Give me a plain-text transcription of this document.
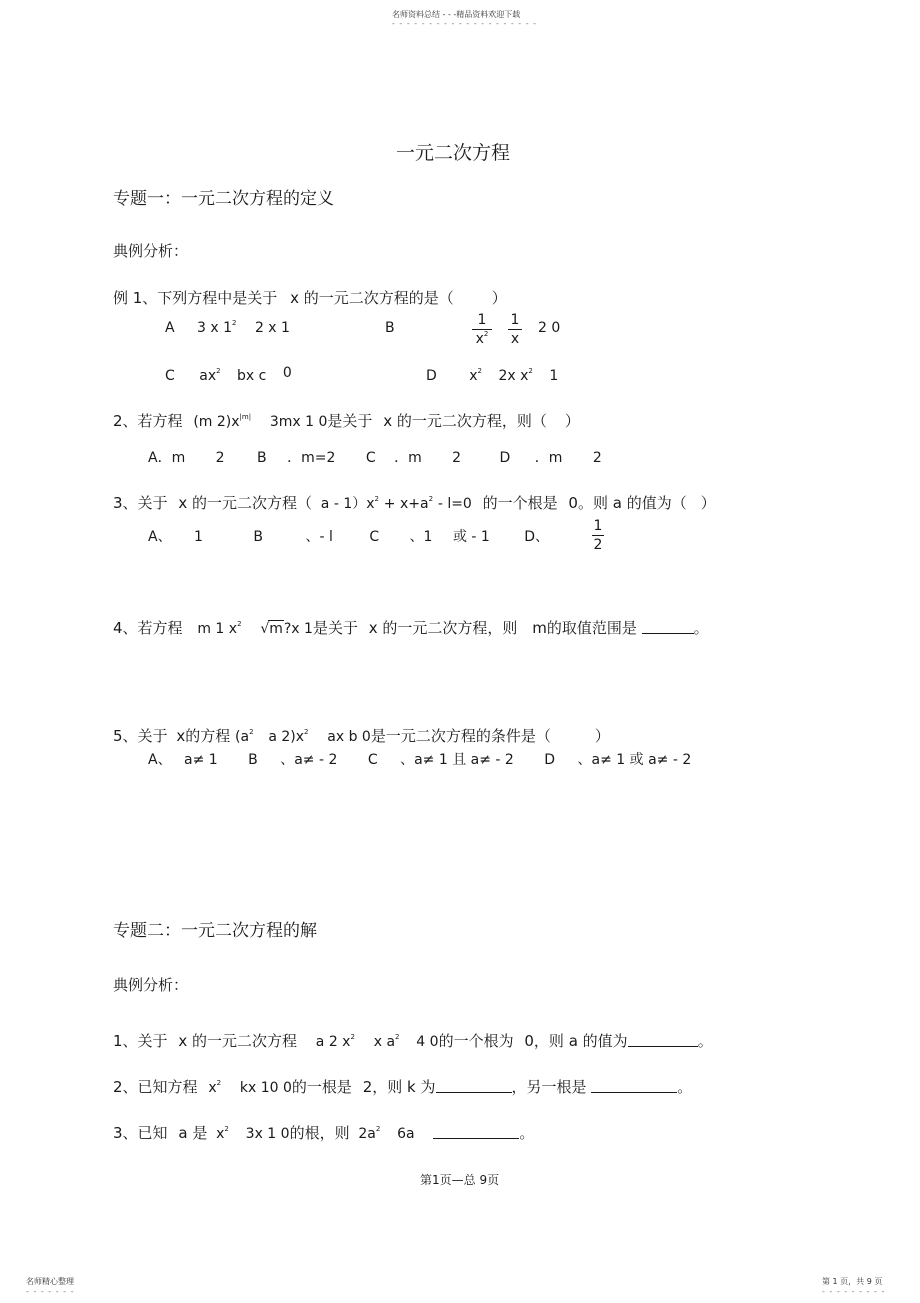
名师资料总结 - - -精品资料欢迎下载
- - - - - - - - - - - - - - - - - - - -
一元二次方程
专题一：一元二次方程的定义
典例分析：
例 1、下列方程中是关于 x 的一元二次方程的是（	）
A 3 x $1^2$ 2 x 1	B	$\frac{1}{x^2} \frac{1}{x} 2$ 0
C $ax^2$ bx c 0	D $x^2$ 2x $x^2$ 1
2、若方程 (m $2)x^{|m|}$ 3mx 1 0是关于 x 的一元二次方程，则（ ）
A．m 2 B ．m=2 C ．m 2	D ．m 2
3、关于 x 的一元二次方程（ $a - 1)x^2 + x+a^2 - l=0$ 的一个根是 0。则 a 的值为（ ）
A、 1	B	、- l	C 、1 或 - 1 D、	$\frac{1}{2}$
4、若方程 m 1 $x^2$ √m?x 1是关于 x 的一元二次方程，则 m的取值范围是	。
5、关于 x的方程 ($a^2$ a $2)x^2$ ax b 0是一元二次方程的条件是（	）
A、 a≠ 1 B 、a≠ - 2 C 、a≠ 1 且 a≠ - 2 D 、a≠ 1 或 a≠ - 2
专题二：一元二次方程的解
典例分析：
1、关于 x 的一元二次方程 a 2 $x^2$ x $a^2$ 4 0的一个根为 0，则 a 的值为	。
2、已知方程 $x^2$ kx 10 0的一根是 2，则 k 为	，另一根是	。
3、已知 a 是 $x^2$ 3x 1 0的根，则 $2a^2$ 6a	。
第1页—总 9页
名师精心整理
- - - - - - -
第 1 页，共 9 页
- - - - - - - - -
